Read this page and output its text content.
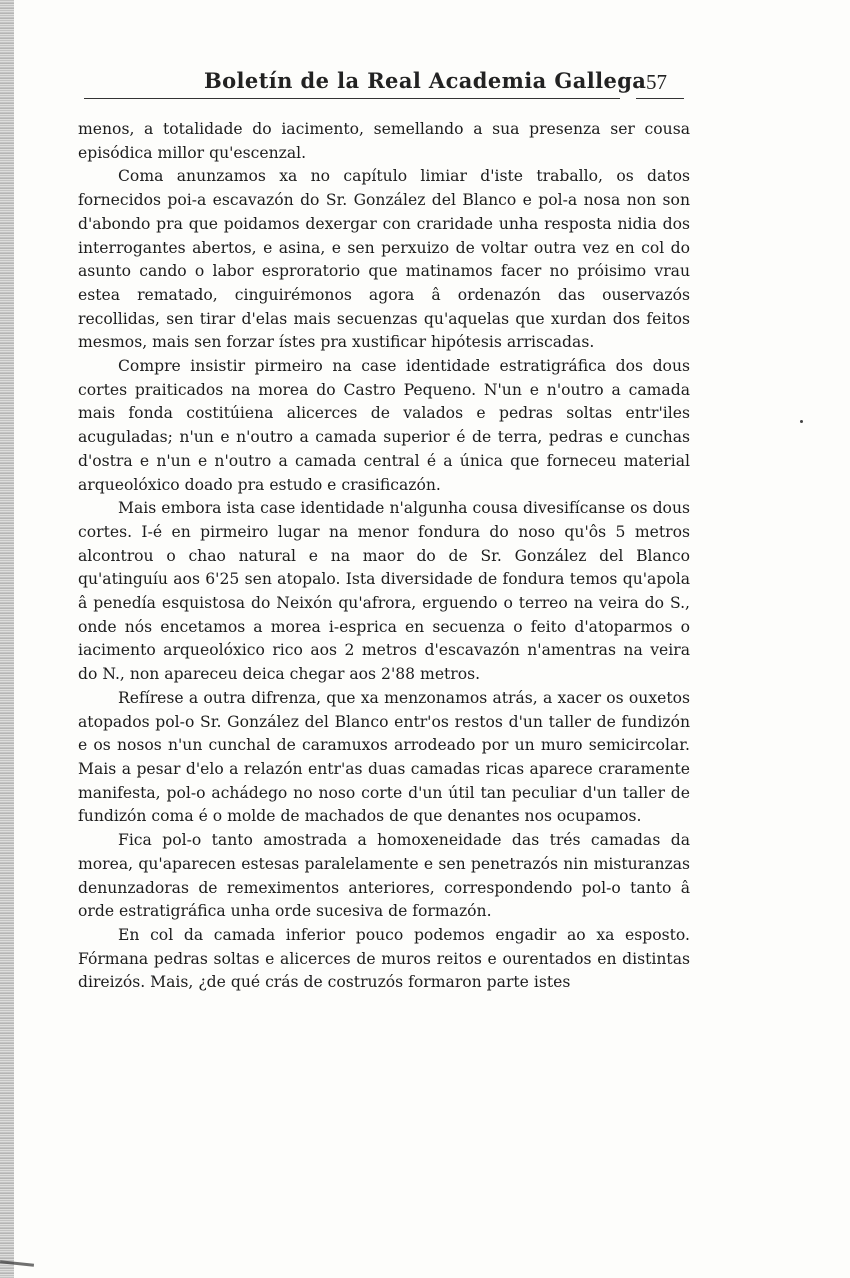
Boletín de la Real Academia Gallega 57

menos, a totalidade do iacimento, semellando a sua presenza ser cousa episódica millor qu'escenzal.

Coma anunzamos xa no capítulo limiar d'iste traballo, os datos fornecidos poi-a escavazón do Sr. González del Blanco e pol-a nosa non son d'abondo pra que poidamos dexergar con craridade unha resposta nidia dos interrogantes abertos, e asina, e sen perxuizo de voltar outra vez en col do asunto cando o labor esproratorio que matinamos facer no próisimo vrau estea rematado, cinguirémonos agora â ordenazón das ouservazós recollidas, sen tirar d'elas mais secuenzas qu'aquelas que xurdan dos feitos mesmos, mais sen forzar ístes pra xustificar hipótesis arriscadas.

Compre insistir pirmeiro na case identidade estratigráfica dos dous cortes praiticados na morea do Castro Pequeno. N'un e n'outro a camada mais fonda costitúiena alicerces de valados e pedras soltas entr'iles acuguladas; n'un e n'outro a camada superior é de terra, pedras e cunchas d'ostra e n'un e n'outro a camada central é a única que forneceu material arqueolóxico doado pra estudo e crasificazón.

Mais embora ista case identidade n'algunha cousa divesifícanse os dous cortes. I-é en pirmeiro lugar na menor fondura do noso qu'ôs 5 metros alcontrou o chao natural e na maor do de Sr. González del Blanco qu'atinguíu aos 6'25 sen atopalo. Ista diversidade de fondura temos qu'apola â penedía esquistosa do Neixón qu'afrora, erguendo o terreo na veira do S., onde nós encetamos a morea i-esprica en secuenza o feito d'atoparmos o iacimento arqueolóxico rico aos 2 metros d'escavazón n'amentras na veira do N., non apareceu deica chegar aos 2'88 metros.

Refírese a outra difrenza, que xa menzonamos atrás, a xacer os ouxetos atopados pol-o Sr. González del Blanco entr'os restos d'un taller de fundizón e os nosos n'un cunchal de caramuxos arrodeado por un muro semicircolar. Mais a pesar d'elo a relazón entr'as duas camadas ricas aparece craramente manifesta, pol-o achádego no noso corte d'un útil tan peculiar d'un taller de fundizón coma é o molde de machados de que denantes nos ocupamos.

Fica pol-o tanto amostrada a homoxeneidade das trés camadas da morea, qu'aparecen estesas paralelamente e sen penetrazós nin misturanzas denunzadoras de remeximentos anteriores, correspondendo pol-o tanto â orde estratigráfica unha orde sucesiva de formazón.

En col da camada inferior pouco podemos engadir ao xa esposto. Fórmana pedras soltas e alicerces de muros reitos e ourentados en distintas direizós. Mais, ¿de qué crás de costruzós formaron parte istes
